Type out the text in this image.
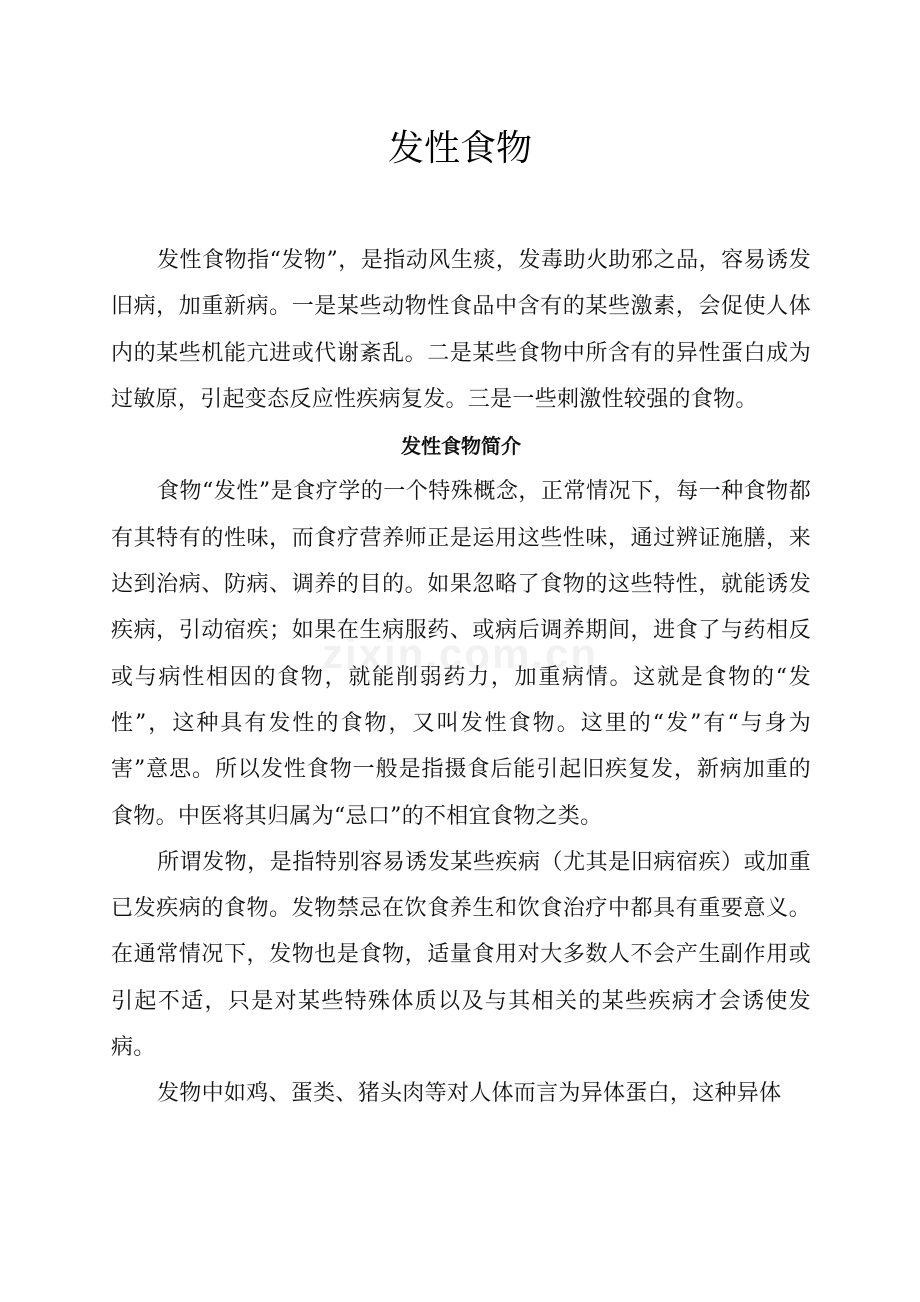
发性食物
zixin.com.cn

发性食物指“发物”，是指动风生痰，发毒助火助邪之品，容易诱发旧病，加重新病。一是某些动物性食品中含有的某些激素，会促使人体内的某些机能亢进或代谢紊乱。二是某些食物中所含有的异性蛋白成为过敏原，引起变态反应性疾病复发。三是一些刺激性较强的食物。

发性食物简介

食物“发性”是食疗学的一个特殊概念，正常情况下，每一种食物都有其特有的性味，而食疗营养师正是运用这些性味，通过辨证施膳，来达到治病、防病、调养的目的。如果忽略了食物的这些特性，就能诱发疾病，引动宿疾；如果在生病服药、或病后调养期间，进食了与药相反或与病性相因的食物，就能削弱药力，加重病情。这就是食物的“发性”，这种具有发性的食物，又叫发性食物。这里的“发”有“与身为害”意思。所以发性食物一般是指摄食后能引起旧疾复发，新病加重的食物。中医将其归属为“忌口”的不相宜食物之类。

所谓发物，是指特别容易诱发某些疾病（尤其是旧病宿疾）或加重已发疾病的食物。发物禁忌在饮食养生和饮食治疗中都具有重要意义。在通常情况下，发物也是食物，适量食用对大多数人不会产生副作用或引起不适，只是对某些特殊体质以及与其相关的某些疾病才会诱使发病。

发物中如鸡、蛋类、猪头肉等对人体而言为异体蛋白，这种异体
